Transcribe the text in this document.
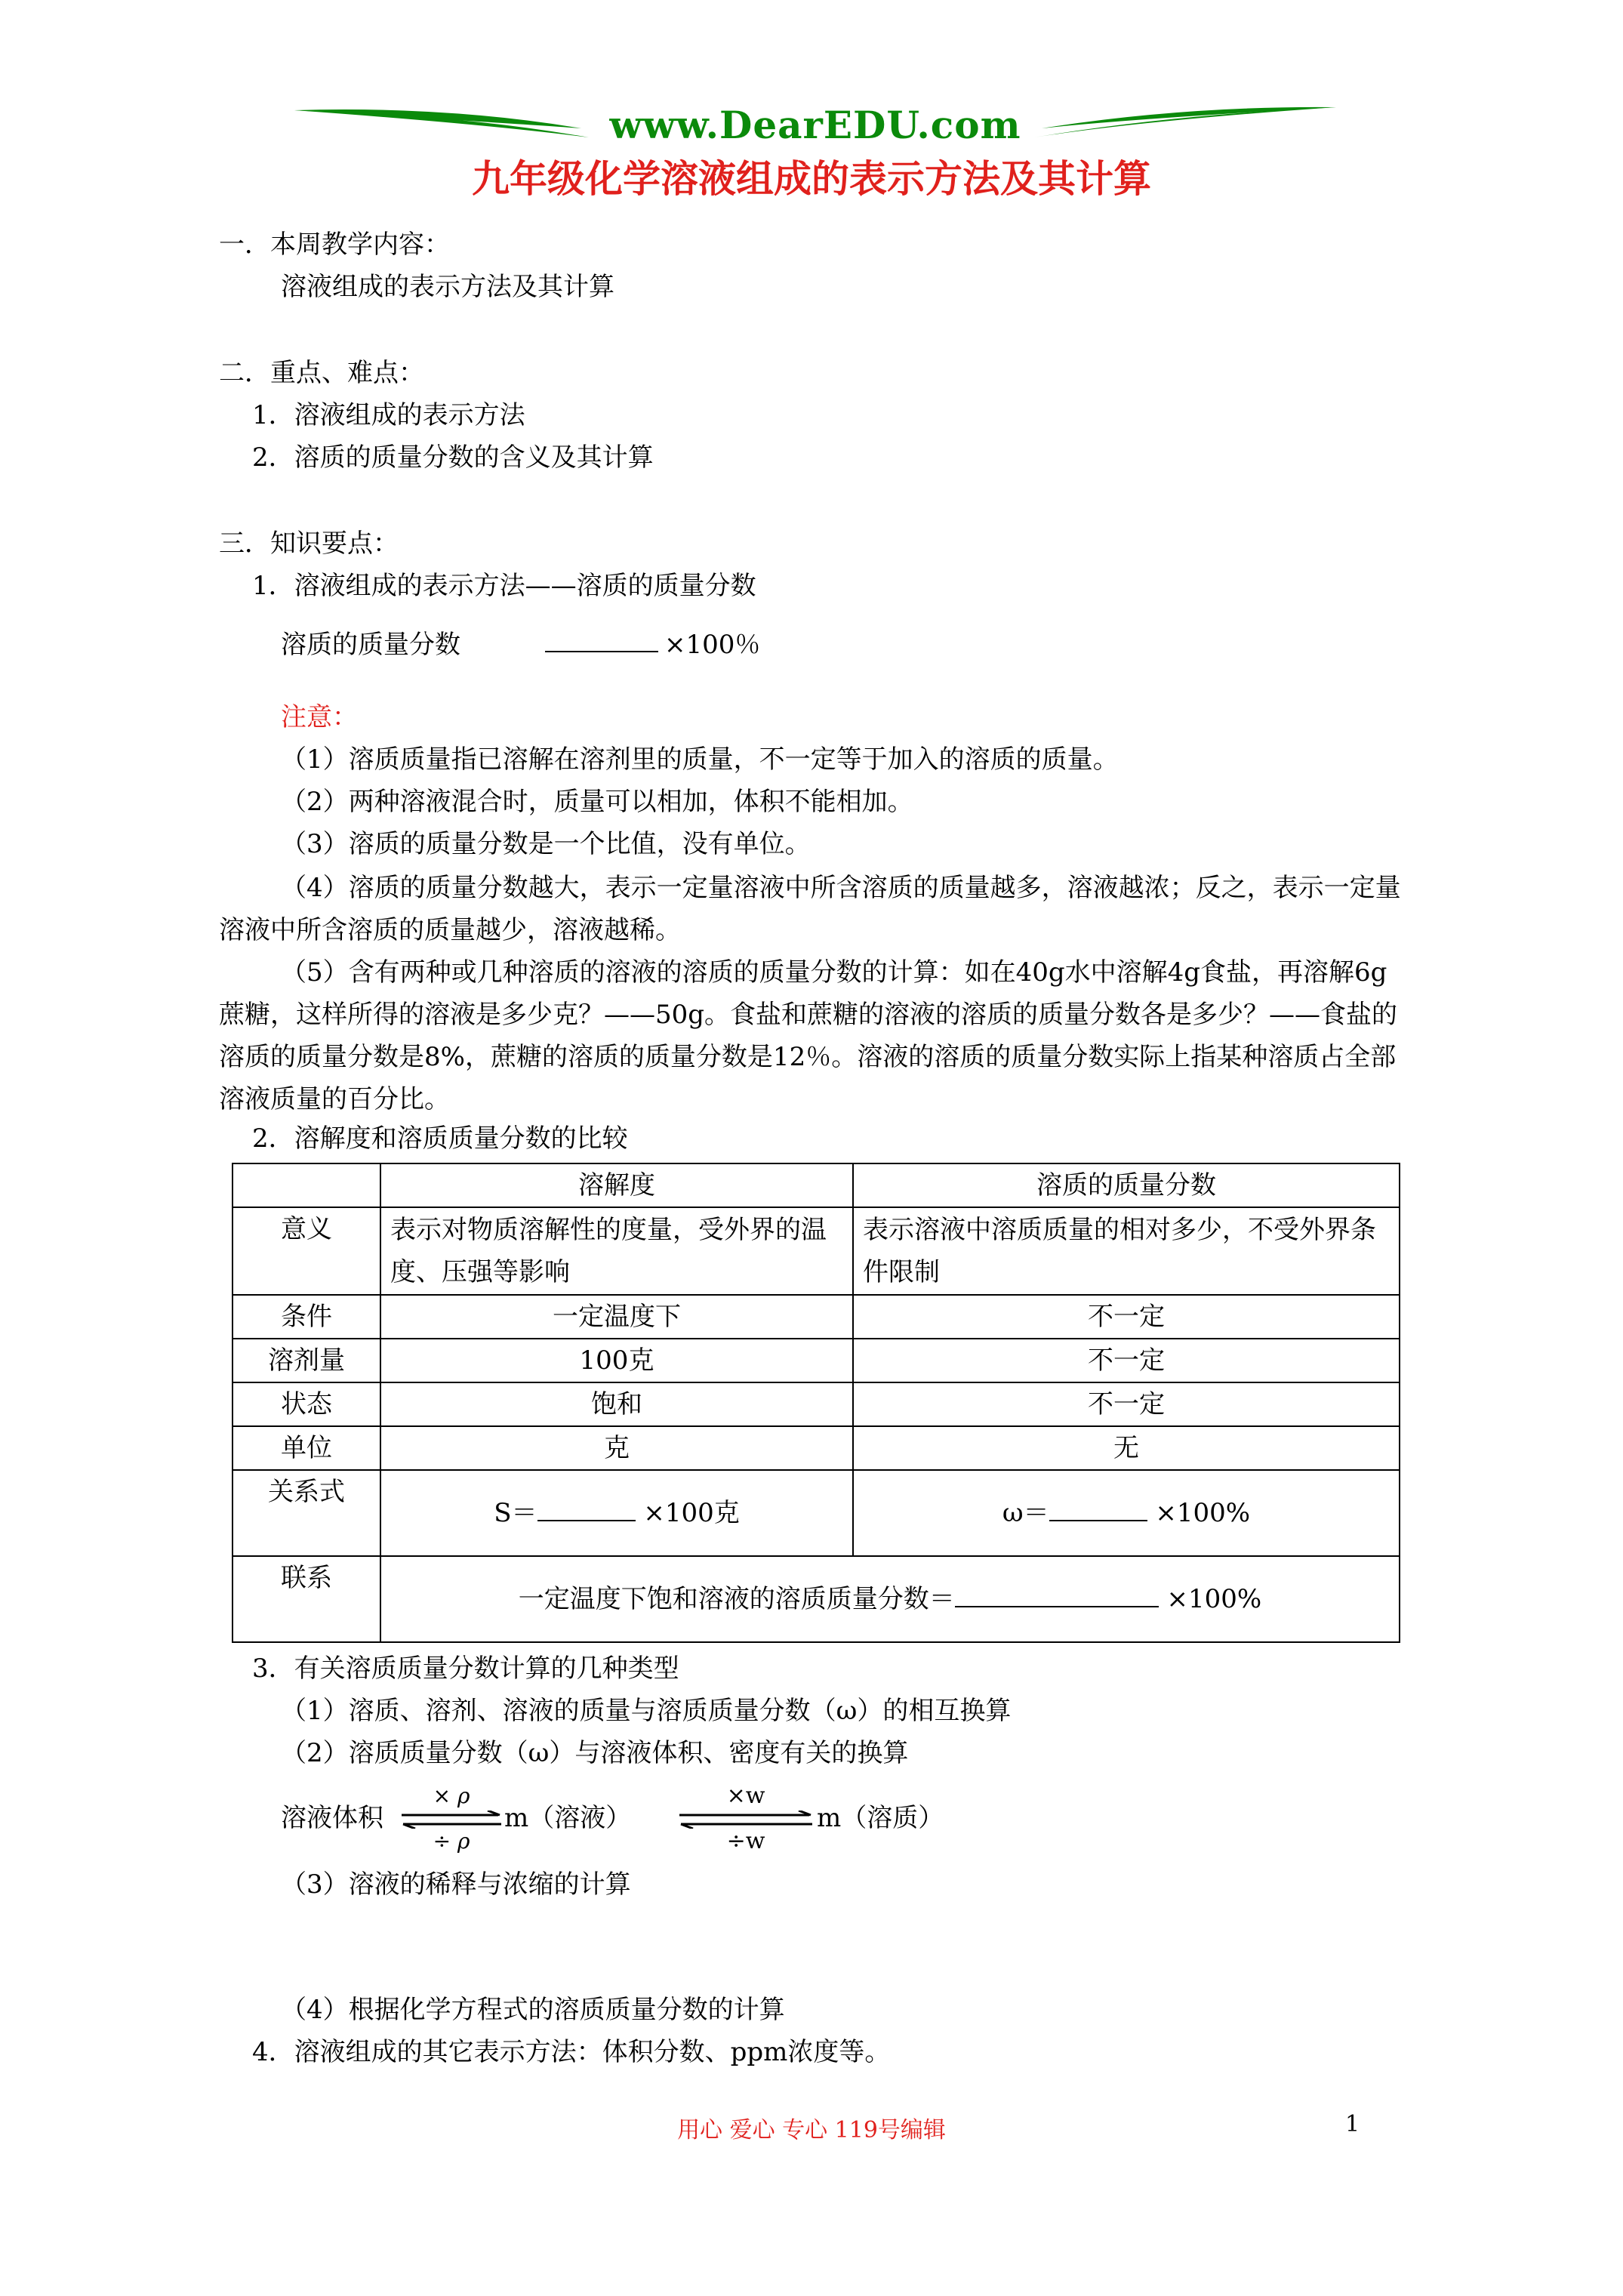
www.DearEDU.com
九年级化学溶液组成的表示方法及其计算
一．本周教学内容：
溶液组成的表示方法及其计算
二．重点、难点：
1．溶液组成的表示方法
2．溶质的质量分数的含义及其计算
三．知识要点：
1．溶液组成的表示方法——溶质的质量分数
溶质的质量分数	×100％
注意：
（1）溶质质量指已溶解在溶剂里的质量，不一定等于加入的溶质的质量。
（2）两种溶液混合时，质量可以相加，体积不能相加。
（3）溶质的质量分数是一个比值，没有单位。
（4）溶质的质量分数越大，表示一定量溶液中所含溶质的质量越多，溶液越浓；反之，表示一定量溶液中所含溶质的质量越少，溶液越稀。
（5）含有两种或几种溶质的溶液的溶质的质量分数的计算：如在40g水中溶解4g食盐，再溶解6g蔗糖，这样所得的溶液是多少克？——50g。食盐和蔗糖的溶液的溶质的质量分数各是多少？——食盐的溶质的质量分数是8%，蔗糖的溶质的质量分数是12％。溶液的溶质的质量分数实际上指某种溶质占全部溶液质量的百分比。
2．溶解度和溶质质量分数的比较
	溶解度	溶质的质量分数
意义	表示对物质溶解性的度量，受外界的温度、压强等影响	表示溶液中溶质质量的相对多少，不受外界条件限制
条件	一定温度下	不一定
溶剂量	100克	不一定
状态	饱和	不一定
单位	克	无
关系式	S＝ ×100克	ω＝ ×100%
联系	一定温度下饱和溶液的溶质质量分数＝ ×100%	
3．有关溶质质量分数计算的几种类型
（1）溶质、溶剂、溶液的质量与溶质质量分数（ω）的相互换算
（2）溶质质量分数（ω）与溶液体积、密度有关的换算
溶液体积
× ρ
÷ ρ
m（溶液）
×w
÷w
m（溶质）
（3）溶液的稀释与浓缩的计算
（4）根据化学方程式的溶质质量分数的计算
4．溶液组成的其它表示方法：体积分数、ppm浓度等。
用心 爱心 专心 119号编辑	1
